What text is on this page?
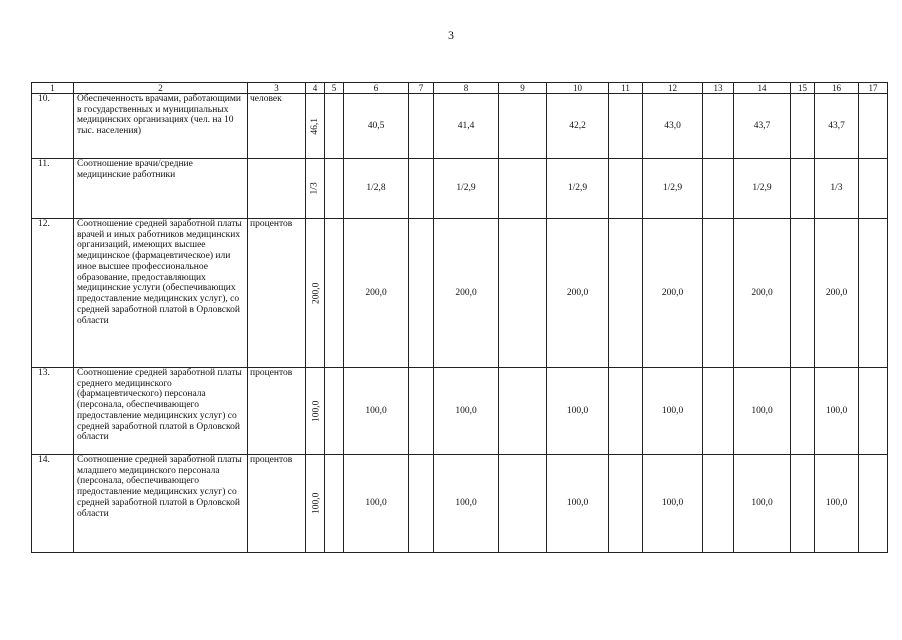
3
1	2	3	4	5	6	7	8	9	10	11	12	13	14	15	16	17
10.	Обеспеченность врачами, работающими в государственных и муниципальных медицинских организациях (чел. на 10 тыс. населения)	человек	46,1		40,5		41,4		42,2		43,0		43,7		43,7	
11.	Соотношение врачи/средние медицинские работники		1/3		1/2,8		1/2,9		1/2,9		1/2,9		1/2,9		1/3	
12.	Соотношение средней заработной платы врачей и иных работников медицинских организаций, имеющих высшее медицинское (фармацевтическое) или иное высшее профессиональное образование, предоставляющих медицинские услуги (обеспечивающих предоставление медицинских услуг), со средней заработной платой в Орловской области	процентов	200,0		200,0		200,0		200,0		200,0		200,0		200,0	
13.	Соотношение средней заработной платы среднего медицинского (фармацевтического) персонала (персонала, обеспечивающего предоставление медицинских услуг) со средней заработной платой в Орловской области	процентов	100,0		100,0		100,0		100,0		100,0		100,0		100,0	
14.	Соотношение средней заработной платы младшего медицинского персонала (персонала, обеспечивающего предоставление медицинских услуг) со средней заработной платой в Орловской области	процентов	100,0		100,0		100,0		100,0		100,0		100,0		100,0	
